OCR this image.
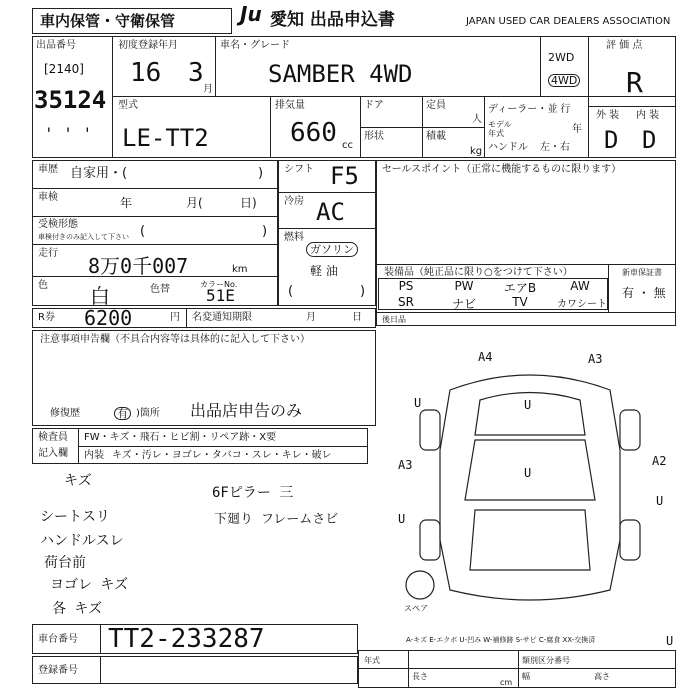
車内保管・守衛保管	Ju 愛知 出品申込書	JAPAN USED CAR DEALERS ASSOCIATION
出品番号
[2140]
35124
' ' '
初度登録年月
16 3
月
車名・グレード
SAMBER 4WD
2WD
4WD
評 価 点
R
型式
LE-TT2
排気量
660 cc
ドア
形状
定員
人
積載
kg
ディーラー・並 行
モデル
年式	年
ハンドル 左・右
外 装 内 装
D D
車歴 自家用・(	)
車検	年	月(	日)
受検形態
車検付きのみ記入して下さい (	)
走行
8万0千007	km
色 白	色替	カラーNo.
51E
シフト F5
冷房 AC
燃料
ガソリン
軽 油
(	)
セールスポイント（正常に機能するものに限ります）
装備品（純正品に限り○をつけて下さい）
PS	PW	エアB	AW
SR	ナビ	TV	カワシート
新車保証書
有 ・ 無
後日品
R券 6200	円 名変通知期限	月	日
注意事項申告欄（不具合内容等は具体的に記入して下さい）
修復歴	有 )箇所 出品店申告のみ
検査員
記入欄
FW・キズ・飛石・ヒビ割・リペア跡・X要
内装 キズ・汚レ・ヨゴレ・タバコ・スレ・キレ・破レ
キズ
シートスリ
ハンドルスレ
荷台前
ヨゴレ キズ
各 キズ
6Fピラー 三
下廻り フレームさビ
A4	A3
A2
A3
U	U
U
U
U
U
スペア
A-キズ E-エクボ U-凹み W-補修跡 S-サビ C-腐食 XX-交換済
車台番号 TT2-233287
登録番号
年式	類別区分番号
長さ
cm
幅	高さ
